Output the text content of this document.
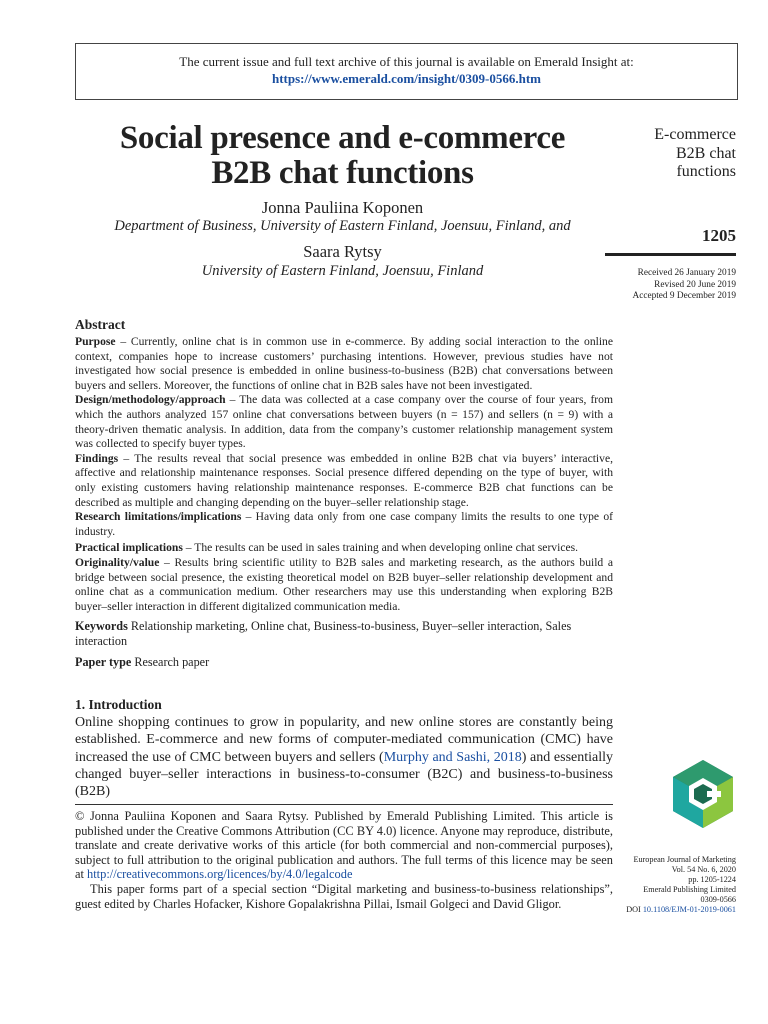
The current issue and full text archive of this journal is available on Emerald Insight at:
https://www.emerald.com/insight/0309-0566.htm
Social presence and e-commerce
B2B chat functions
Jonna Pauliina Koponen
Department of Business, University of Eastern Finland, Joensuu, Finland, and
Saara Rytsy
University of Eastern Finland, Joensuu, Finland
E-commerce
B2B chat
functions
1205
Received 26 January 2019
Revised 20 June 2019
Accepted 9 December 2019
Abstract

Purpose – Currently, online chat is in common use in e-commerce. By adding social interaction to the online context, companies hope to increase customers’ purchasing intentions. However, previous studies have not investigated how social presence is embedded in online business-to-business (B2B) chat conversations between buyers and sellers. Moreover, the functions of online chat in B2B sales have not been investigated.

Design/methodology/approach – The data was collected at a case company over the course of four years, from which the authors analyzed 157 online chat conversations between buyers (n = 157) and sellers (n = 9) with a theory-driven thematic analysis. In addition, data from the company’s customer relationship management system was collected to specify buyer types.

Findings – The results reveal that social presence was embedded in online B2B chat via buyers’ interactive, affective and relationship maintenance responses. Social presence differed depending on the type of buyer, with only existing customers having relationship maintenance responses. E-commerce B2B chat functions can be described as multiple and changing depending on the buyer–seller relationship stage.

Research limitations/implications – Having data only from one case company limits the results to one type of industry.

Practical implications – The results can be used in sales training and when developing online chat services.

Originality/value – Results bring scientific utility to B2B sales and marketing research, as the authors build a bridge between social presence, the existing theoretical model on B2B buyer–seller relationship development and online chat as a communication medium. Other researchers may use this understanding when exploring B2B buyer–seller interaction in different digitalized communication media.

Keywords Relationship marketing, Online chat, Business-to-business, Buyer–seller interaction, Sales interaction
Paper type Research paper
1. Introduction

Online shopping continues to grow in popularity, and new online stores are constantly being established. E-commerce and new forms of computer-mediated communication (CMC) have increased the use of CMC between buyers and sellers (Murphy and Sashi, 2018) and essentially changed buyer–seller interactions in business-to-consumer (B2C) and business-to-business (B2B)

© Jonna Pauliina Koponen and Saara Rytsy. Published by Emerald Publishing Limited. This article is published under the Creative Commons Attribution (CC BY 4.0) licence. Anyone may reproduce, distribute, translate and create derivative works of this article (for both commercial and non-commercial purposes), subject to full attribution to the original publication and authors. The full terms of this licence may be seen at http://creativecommons.org/licences/by/4.0/legalcode

This paper forms part of a special section “Digital marketing and business-to-business relationships”, guest edited by Charles Hofacker, Kishore Gopalakrishna Pillai, Ismail Golgeci and David Gligor.

European Journal of Marketing
Vol. 54 No. 6, 2020
pp. 1205-1224
Emerald Publishing Limited
0309-0566
DOI 10.1108/EJM-01-2019-0061
